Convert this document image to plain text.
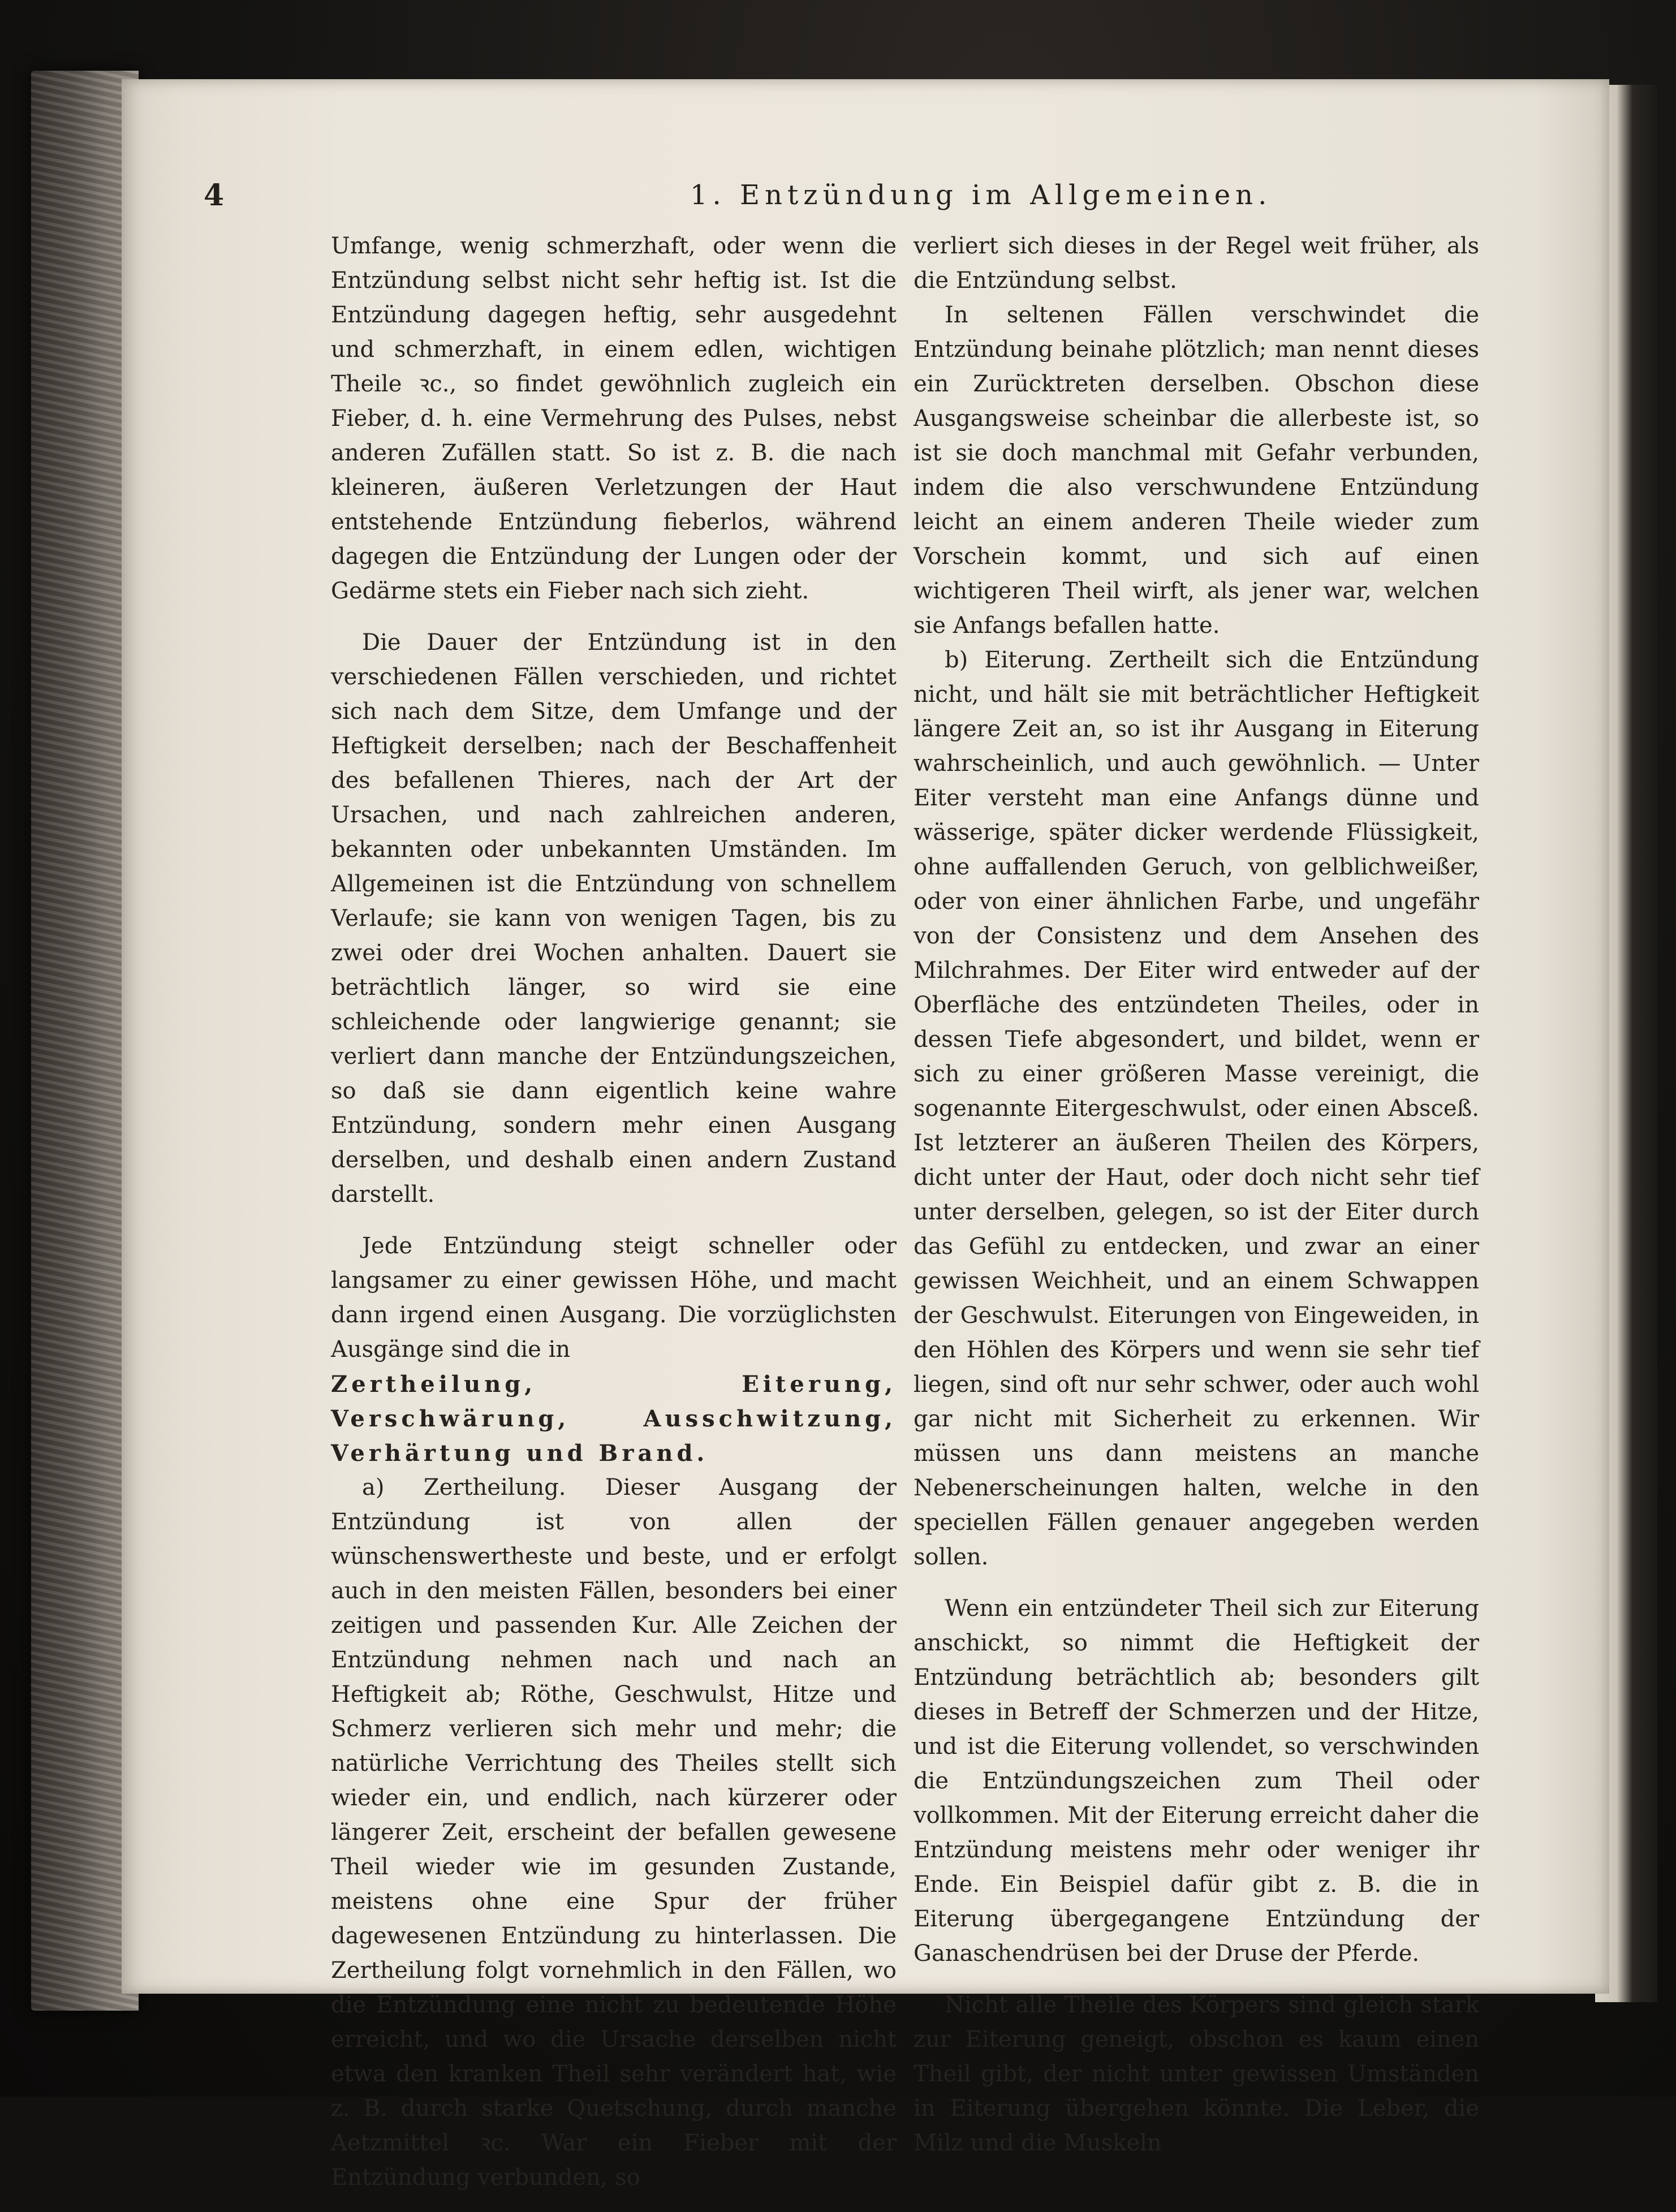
4	1. Entzündung im Allgemeinen.

Umfange, wenig schmerzhaft, oder wenn die Entzündung selbst nicht sehr heftig ist. Ist die Entzündung dagegen heftig, sehr ausgedehnt und schmerzhaft, in einem edlen, wichtigen Theile ꝛc., so findet gewöhnlich zugleich ein Fieber, d. h. eine Vermehrung des Pulses, nebst anderen Zufällen statt. So ist z. B. die nach kleineren, äußeren Verletzungen der Haut entstehende Entzündung fieberlos, während dagegen die Entzündung der Lungen oder der Gedärme stets ein Fieber nach sich zieht.

Die Dauer der Entzündung ist in den verschiedenen Fällen verschieden, und richtet sich nach dem Sitze, dem Umfange und der Heftigkeit derselben; nach der Beschaffenheit des befallenen Thieres, nach der Art der Ursachen, und nach zahlreichen anderen, bekannten oder unbekannten Umständen. Im Allgemeinen ist die Entzündung von schnellem Verlaufe; sie kann von wenigen Tagen, bis zu zwei oder drei Wochen anhalten. Dauert sie beträchtlich länger, so wird sie eine schleichende oder langwierige genannt; sie verliert dann manche der Entzündungszeichen, so daß sie dann eigentlich keine wahre Entzündung, sondern mehr einen Ausgang derselben, und deshalb einen andern Zustand darstellt.

Jede Entzündung steigt schneller oder langsamer zu einer gewissen Höhe, und macht dann irgend einen Ausgang. Die vorzüglichsten Ausgänge sind die in

Zertheilung, Eiterung, Verschwärung, Ausschwitzung, Verhärtung und Brand.

a) Zertheilung. Dieser Ausgang der Entzündung ist von allen der wünschenswertheste und beste, und er erfolgt auch in den meisten Fällen, besonders bei einer zeitigen und passenden Kur. Alle Zeichen der Entzündung nehmen nach und nach an Heftigkeit ab; Röthe, Geschwulst, Hitze und Schmerz verlieren sich mehr und mehr; die natürliche Verrichtung des Theiles stellt sich wieder ein, und endlich, nach kürzerer oder längerer Zeit, erscheint der befallen gewesene Theil wieder wie im gesunden Zustande, meistens ohne eine Spur der früher dagewesenen Entzündung zu hinterlassen. Die Zertheilung folgt vornehmlich in den Fällen, wo die Entzündung eine nicht zu bedeutende Höhe erreicht, und wo die Ursache derselben nicht etwa den kranken Theil sehr verändert hat, wie z. B. durch starke Quetschung, durch manche Aetzmittel ꝛc. War ein Fieber mit der Entzündung verbunden, so

verliert sich dieses in der Regel weit früher, als die Entzündung selbst.

In seltenen Fällen verschwindet die Entzündung beinahe plötzlich; man nennt dieses ein Zurücktreten derselben. Obschon diese Ausgangsweise scheinbar die allerbeste ist, so ist sie doch manchmal mit Gefahr verbunden, indem die also verschwundene Entzündung leicht an einem anderen Theile wieder zum Vorschein kommt, und sich auf einen wichtigeren Theil wirft, als jener war, welchen sie Anfangs befallen hatte.

b) Eiterung. Zertheilt sich die Entzündung nicht, und hält sie mit beträchtlicher Heftigkeit längere Zeit an, so ist ihr Ausgang in Eiterung wahrscheinlich, und auch gewöhnlich. — Unter Eiter versteht man eine Anfangs dünne und wässerige, später dicker werdende Flüssigkeit, ohne auffallenden Geruch, von gelblichweißer, oder von einer ähnlichen Farbe, und ungefähr von der Consistenz und dem Ansehen des Milchrahmes. Der Eiter wird entweder auf der Oberfläche des entzündeten Theiles, oder in dessen Tiefe abgesondert, und bildet, wenn er sich zu einer größeren Masse vereinigt, die sogenannte Eitergeschwulst, oder einen Absceß. Ist letzterer an äußeren Theilen des Körpers, dicht unter der Haut, oder doch nicht sehr tief unter derselben, gelegen, so ist der Eiter durch das Gefühl zu entdecken, und zwar an einer gewissen Weichheit, und an einem Schwappen der Geschwulst. Eiterungen von Eingeweiden, in den Höhlen des Körpers und wenn sie sehr tief liegen, sind oft nur sehr schwer, oder auch wohl gar nicht mit Sicherheit zu erkennen. Wir müssen uns dann meistens an manche Nebenerscheinungen halten, welche in den speciellen Fällen genauer angegeben werden sollen.

Wenn ein entzündeter Theil sich zur Eiterung anschickt, so nimmt die Heftigkeit der Entzündung beträchtlich ab; besonders gilt dieses in Betreff der Schmerzen und der Hitze, und ist die Eiterung vollendet, so verschwinden die Entzündungszeichen zum Theil oder vollkommen. Mit der Eiterung erreicht daher die Entzündung meistens mehr oder weniger ihr Ende. Ein Beispiel dafür gibt z. B. die in Eiterung übergegangene Entzündung der Ganaschendrüsen bei der Druse der Pferde.

Nicht alle Theile des Körpers sind gleich stark zur Eiterung geneigt, obschon es kaum einen Theil gibt, der nicht unter gewissen Umständen in Eiterung übergehen könnte. Die Leber, die Milz und die Muskeln
